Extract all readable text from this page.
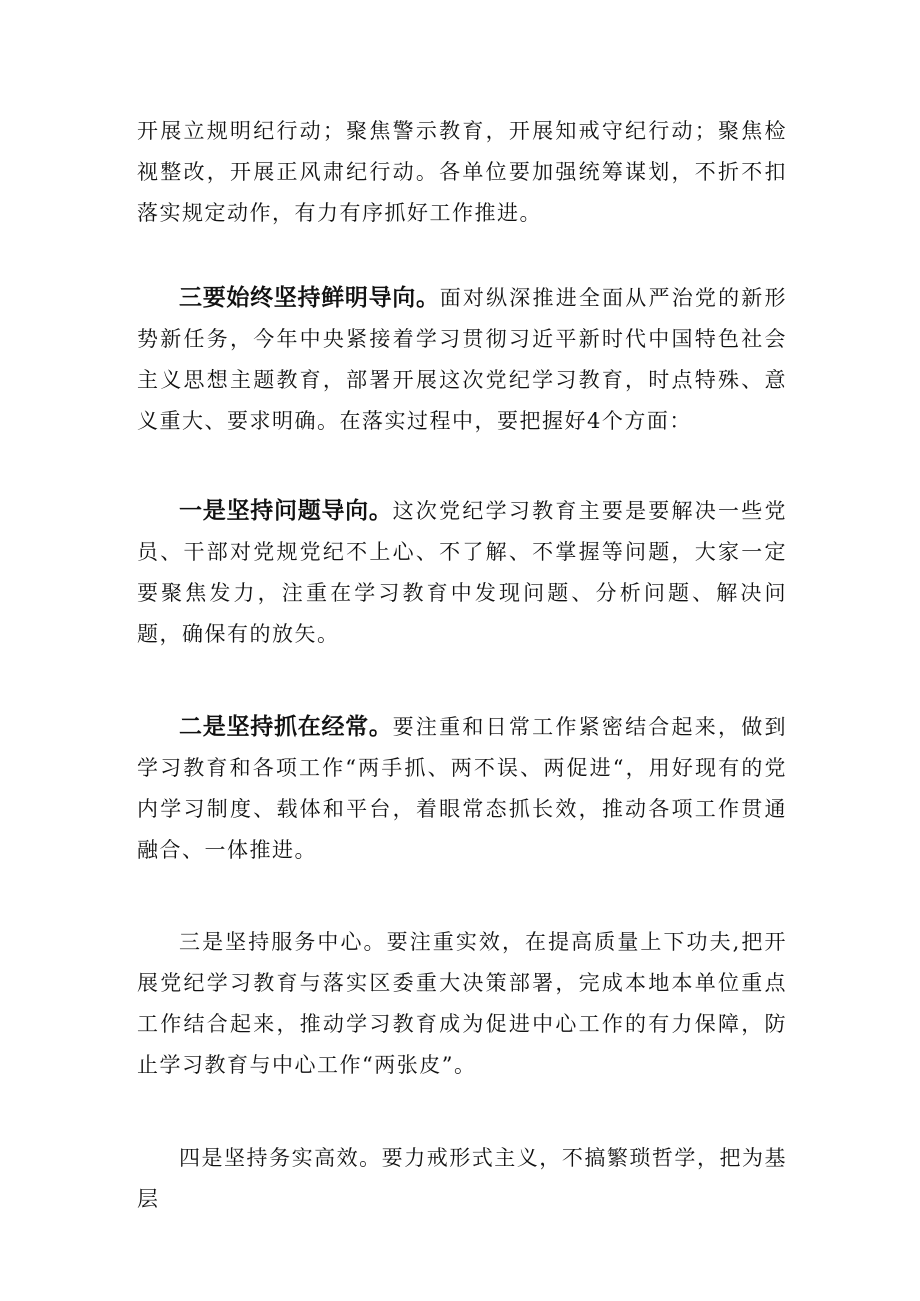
开展立规明纪行动；聚焦警示教育，开展知戒守纪行动；聚焦检视整改，开展正风肃纪行动。各单位要加强统筹谋划，不折不扣落实规定动作，有力有序抓好工作推进。

三要始终坚持鲜明导向。面对纵深推进全面从严治党的新形势新任务，今年中央紧接着学习贯彻习近平新时代中国特色社会主义思想主题教育，部署开展这次党纪学习教育，时点特殊、意义重大、要求明确。在落实过程中，要把握好4个方面：

一是坚持问题导向。这次党纪学习教育主要是要解决一些党员、干部对党规党纪不上心、不了解、不掌握等问题，大家一定要聚焦发力，注重在学习教育中发现问题、分析问题、解决问题，确保有的放矢。

二是坚持抓在经常。要注重和日常工作紧密结合起来，做到学习教育和各项工作“两手抓、两不误、两促进“，用好现有的党内学习制度、载体和平台，着眼常态抓长效，推动各项工作贯通融合、一体推进。

三是坚持服务中心。要注重实效，在提高质量上下功夫,把开展党纪学习教育与落实区委重大决策部署，完成本地本单位重点工作结合起来，推动学习教育成为促进中心工作的有力保障，防止学习教育与中心工作“两张皮”。

四是坚持务实高效。要力戒形式主义，不搞繁琐哲学，把为基层
